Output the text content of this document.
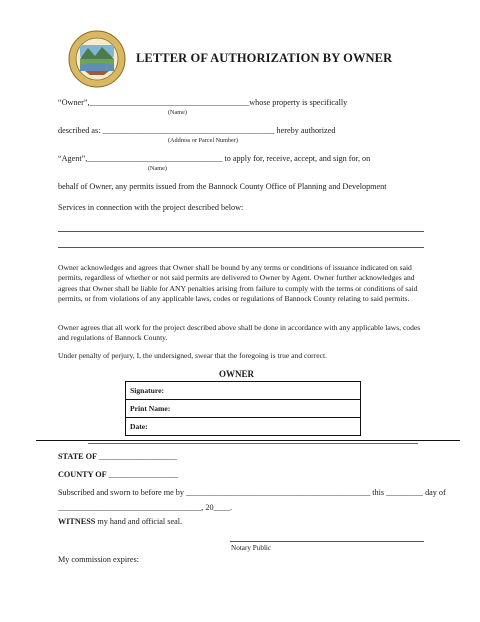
LETTER OF AUTHORIZATION BY OWNER
“Owner”,_______________________________________whose property is specifically
(Name)
described as: __________________________________________ hereby authorized
(Address or Parcel Number)
“Agent”,_________________________________ to apply for, receive, accept, and sign for, on
(Name)
behalf of Owner, any permits issued from the Bannock County Office of Planning and Development
Services in connection with the project described below:
Owner acknowledges and agrees that Owner shall be bound by any terms or conditions of issuance indicated on said permits, regardless of whether or not said permits are delivered to Owner by Agent. Owner further acknowledges and agrees that Owner shall be liable for ANY penalties arising from failure to comply with the terms or conditions of said permits, or from violations of any applicable laws, codes or regulations of Bannock County relating to said permits.
Owner agrees that all work for the project described above shall be done in accordance with any applicable laws, codes and regulations of Bannock County.
Under penalty of perjury, I, the undersigned, swear that the foregoing is true and correct.
OWNER
Signature:
Print Name:
Date:
STATE OF ___________________
COUNTY OF _________________
Subscribed and sworn to before me by _____________________________________________ this _________ day of
___________________________________, 20____.
WITNESS my hand and official seal.
Notary Public
My commission expires:
